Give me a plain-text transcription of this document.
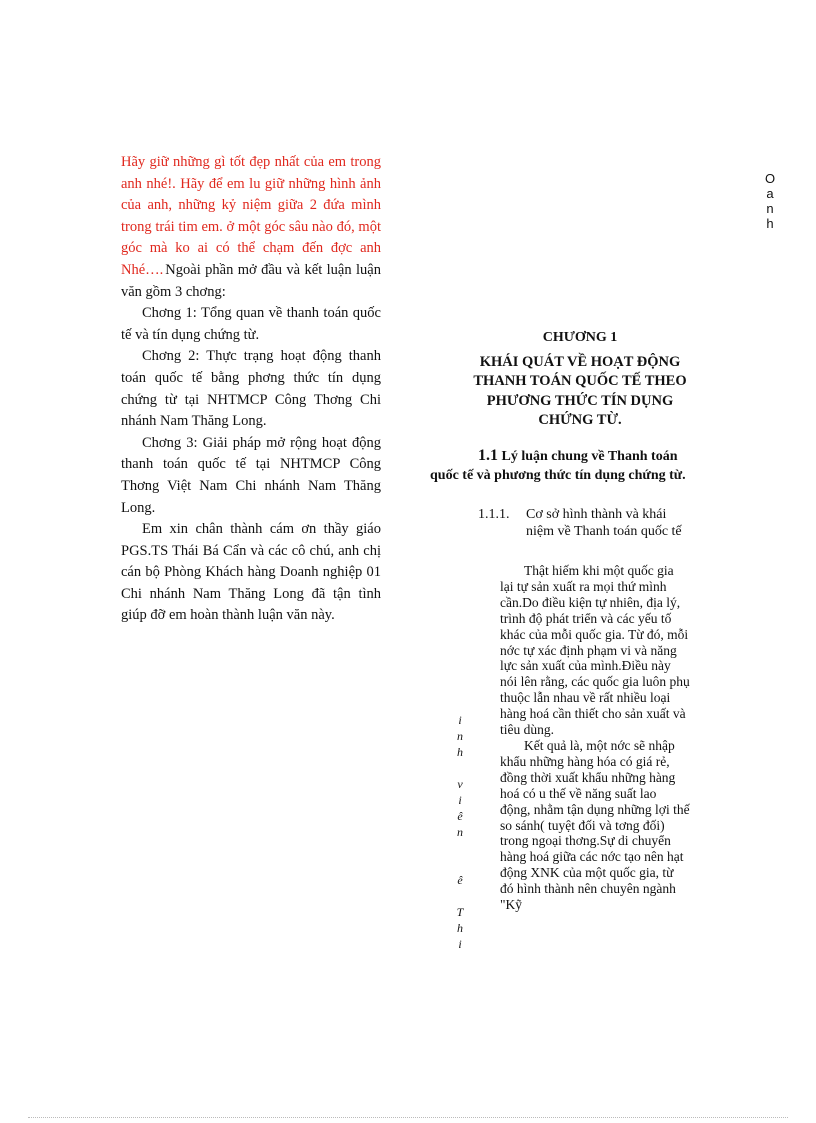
Hãy giữ những gì tốt đẹp nhất của em trong anh nhé!. Hãy để em lu giữ những hình ảnh của anh, những kỷ niệm giữa 2 đứa mình trong trái tim em. ở một góc sâu nào đó, một góc mà ko ai có thể chạm đến đợc anh Nhé…. Ngoài phần mở đầu và kết luận luận văn gồm 3 chơng:

Chơng 1: Tổng quan về thanh toán quốc tế và tín dụng chứng từ.

Chơng 2: Thực trạng hoạt động thanh toán quốc tế bằng phơng thức tín dụng chứng từ tại NHTMCP Công Thơng Chi nhánh Nam Thăng Long.

Chơng 3: Giải pháp mở rộng hoạt động thanh toán quốc tế tại NHTMCP Công Thơng Việt Nam Chi nhánh Nam Thăng Long.

Em xin chân thành cám ơn thầy giáo PGS.TS Thái Bá Cẩn và các cô chú, anh chị cán bộ Phòng Khách hàng Doanh nghiệp 01 Chi nhánh Nam Thăng Long đã tận tình giúp đỡ em hoàn thành luận văn này.

O
a
n
h
i
n
h

v
i
ê
n

ê

T
h
i
CHƯƠNG 1
KHÁI QUÁT VỀ HOẠT ĐỘNG
THANH TOÁN QUỐC TẾ THEO
PHƯƠNG THỨC TÍN DỤNG
CHỨNG TỪ.
1.1 Lý luận chung về Thanh toán quốc tế và phương thức tín dụng chứng từ.
1.1.1. Cơ sở hình thành và khái niệm về Thanh toán quốc tế

Thật hiếm khi một quốc gia lại tự sản xuất ra mọi thứ mình cần.Do điều kiện tự nhiên, địa lý, trình độ phát triển và các yếu tố khác của mỗi quốc gia. Từ đó, mỗi nớc tự xác định phạm vi và năng lực sản xuất của mình.Điều này nói lên rằng, các quốc gia luôn phụ thuộc lẫn nhau về rất nhiều loại hàng hoá cần thiết cho sản xuất và tiêu dùng.

Kết quả là, một nớc sẽ nhập khẩu những hàng hóa có giá rẻ, đồng thời xuất khẩu những hàng hoá có u thế về năng suất lao động, nhằm tận dụng những lợi thế so sánh( tuyệt đối và tơng đối) trong ngoại thơng.Sự di chuyển hàng hoá giữa các nớc tạo nên hạt động XNK của một quốc gia, từ đó hình thành nên chuyên ngành "Kỹ
